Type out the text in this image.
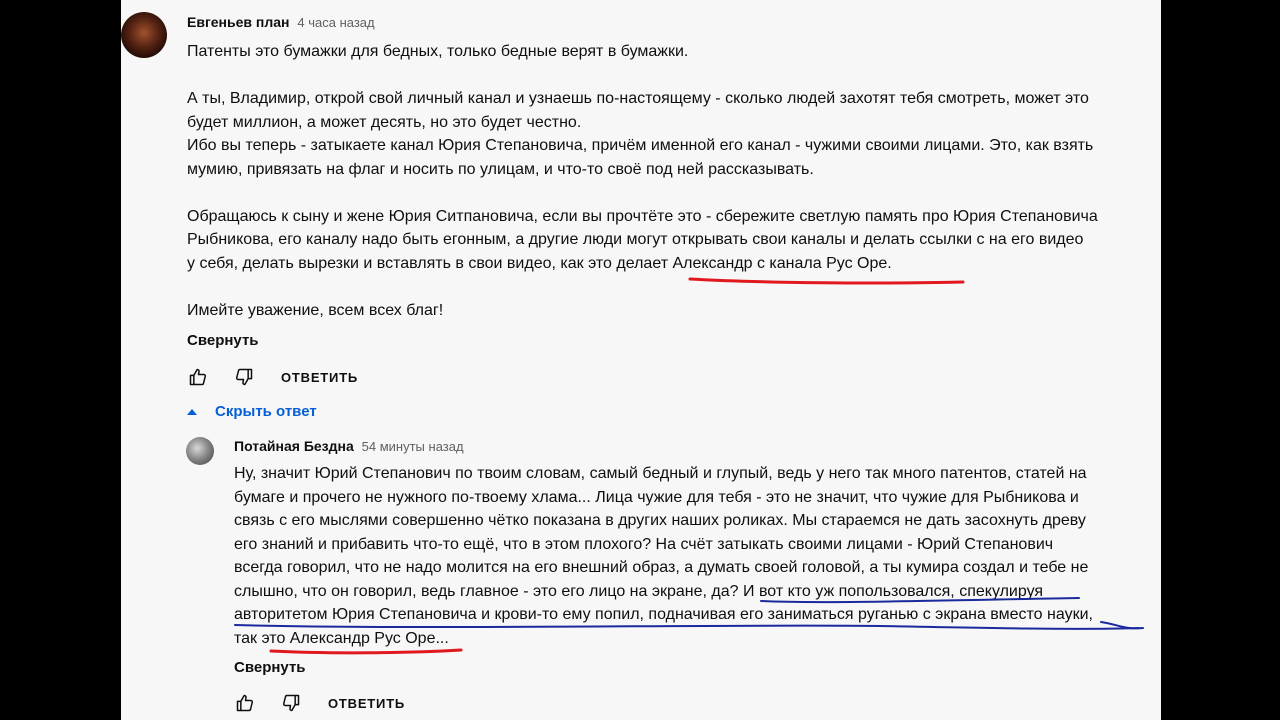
Евгеньев план 4 часа назад

Патенты это бумажки для бедных, только бедные верят в бумажки.

А ты, Владимир, открой свой личный канал и узнаешь по-настоящему - сколько людей захотят тебя смотреть, может это
будет миллион, а может десять, но это будет честно.
Ибо вы теперь - затыкаете канал Юрия Степановича, причём именной его канал - чужими своими лицами. Это, как взять
мумию, привязать на флаг и носить по улицам, и что-то своё под ней рассказывать.

Обращаюсь к сыну и жене Юрия Ситпановича, если вы прочтёте это - сбережите светлую память про Юрия Степановича
Рыбникова, его каналу надо быть егонным, а другие люди могут открывать свои каналы и делать ссылки с на его видео
у себя, делать вырезки и вставлять в свои видео, как это делает Александр с канала Рус Оре.

Имейте уважение, всем всех благ!

Свернуть
ОТВЕТИТЬ
Скрыть ответ
Потайная Бездна 54 минуты назад
Ну, значит Юрий Степанович по твоим словам, самый бедный и глупый, ведь у него так много патентов, статей на
бумаге и прочего не нужного по-твоему хлама... Лица чужие для тебя - это не значит, что чужие для Рыбникова и
связь с его мыслями совершенно чётко показана в других наших роликах. Мы стараемся не дать засохнуть древу
его знаний и прибавить что-то ещё, что в этом плохого? На счёт затыкать своими лицами - Юрий Степанович
всегда говорил, что не надо молится на его внешний образ, а думать своей головой, а ты кумира создал и тебе не
слышно, что он говорил, ведь главное - это его лицо на экране, да? И вот кто уж попользовался, спекулируя
авторитетом Юрия Степановича и крови-то ему попил, подначивая его заниматься руганью с экрана вместо науки,
так это Александр Рус Оре...
Свернуть
ОТВЕТИТЬ
